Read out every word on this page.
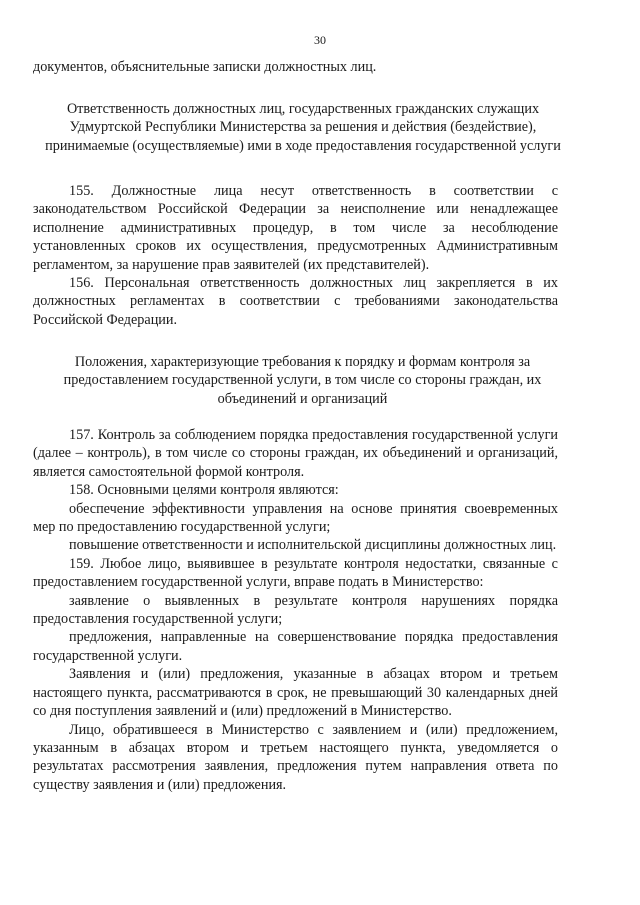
30

документов, объяснительные записки должностных лиц.

Ответственность должностных лиц, государственных гражданских служащих Удмуртской Республики Министерства за решения и действия (бездействие), принимаемые (осуществляемые) ими в ходе предоставления государственной услуги

155. Должностные лица несут ответственность в соответствии с законодательством Российской Федерации за неисполнение или ненадлежащее исполнение административных процедур, в том числе за несоблюдение установленных сроков их осуществления, предусмотренных Административным регламентом, за нарушение прав заявителей (их представителей).

156. Персональная ответственность должностных лиц закрепляется в их должностных регламентах в соответствии с требованиями законодательства Российской Федерации.

Положения, характеризующие требования к порядку и формам контроля за предоставлением государственной услуги, в том числе со стороны граждан, их объединений и организаций

157. Контроль за соблюдением порядка предоставления государственной услуги (далее – контроль), в том числе со стороны граждан, их объединений и организаций, является самостоятельной формой контроля.

158. Основными целями контроля являются:

обеспечение эффективности управления на основе принятия своевременных мер по предоставлению государственной услуги;

повышение ответственности и исполнительской дисциплины должностных лиц.

159. Любое лицо, выявившее в результате контроля недостатки, связанные с предоставлением государственной услуги, вправе подать в Министерство:

заявление о выявленных в результате контроля нарушениях порядка предоставления государственной услуги;

предложения, направленные на совершенствование порядка предоставления государственной услуги.

Заявления и (или) предложения, указанные в абзацах втором и третьем настоящего пункта, рассматриваются в срок, не превышающий 30 календарных дней со дня поступления заявлений и (или) предложений в Министерство.

Лицо, обратившееся в Министерство с заявлением и (или) предложением, указанным в абзацах втором и третьем настоящего пункта, уведомляется о результатах рассмотрения заявления, предложения путем направления ответа по существу заявления и (или) предложения.
